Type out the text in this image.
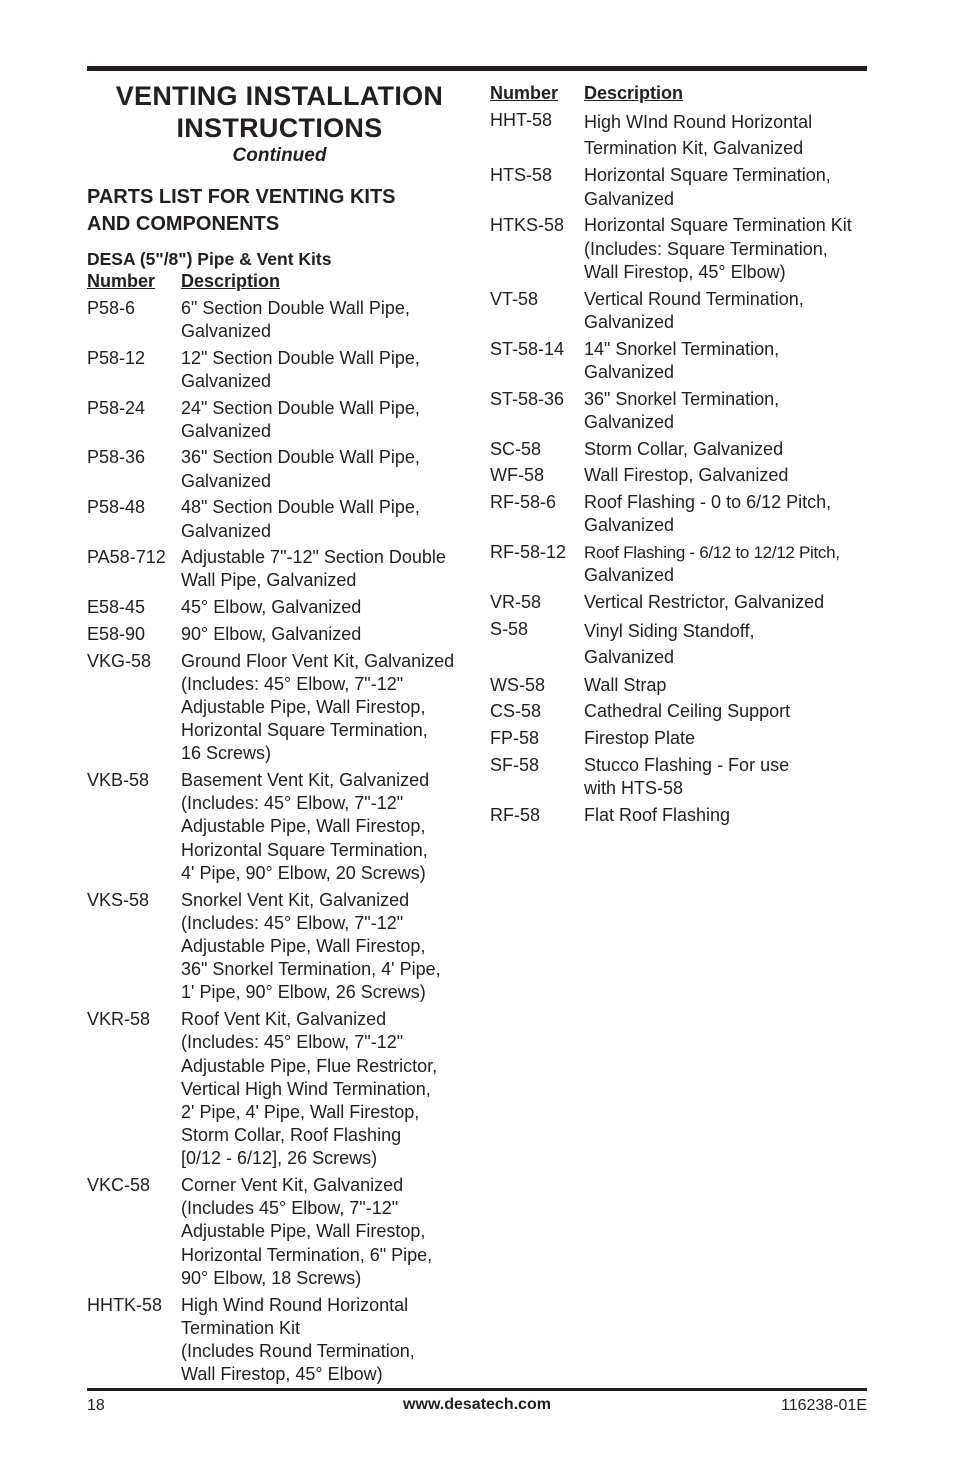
VENTING INSTALLATION
INSTRUCTIONS
Continued
PARTS LIST FOR VENTING KITS
AND COMPONENTS
DESA (5"/8") Pipe & Vent Kits
Number	Description
P58-6	6" Section Double Wall Pipe,
Galvanized
P58-12	12" Section Double Wall Pipe,
Galvanized
P58-24	24" Section Double Wall Pipe,
Galvanized
P58-36	36" Section Double Wall Pipe,
Galvanized
P58-48	48" Section Double Wall Pipe,
Galvanized
PA58-712 Adjustable 7"-12" Section Double
Wall Pipe, Galvanized
E58-45	45° Elbow, Galvanized
E58-90	90° Elbow, Galvanized
VKG-58	Ground Floor Vent Kit, Galvanized
(Includes: 45° Elbow, 7"-12"
Adjustable Pipe, Wall Firestop,
Horizontal Square Termination,
16 Screws)
VKB-58	Basement Vent Kit, Galvanized
(Includes: 45° Elbow, 7"-12"
Adjustable Pipe, Wall Firestop,
Horizontal Square Termination,
4' Pipe, 90° Elbow, 20 Screws)
VKS-58	Snorkel Vent Kit, Galvanized
(Includes: 45° Elbow, 7"-12"
Adjustable Pipe, Wall Firestop,
36" Snorkel Termination, 4' Pipe,
1' Pipe, 90° Elbow, 26 Screws)
VKR-58	Roof Vent Kit, Galvanized
(Includes: 45° Elbow, 7"-12"
Adjustable Pipe, Flue Restrictor,
Vertical High Wind Termination,
2' Pipe, 4' Pipe, Wall Firestop,
Storm Collar, Roof Flashing
[0/12 - 6/12], 26 Screws)
VKC-58	Corner Vent Kit, Galvanized
(Includes 45° Elbow, 7"-12"
Adjustable Pipe, Wall Firestop,
Horizontal Termination, 6" Pipe,
90° Elbow, 18 Screws)
HHTK-58	High Wind Round Horizontal
Termination Kit
(Includes Round Termination,
Wall Firestop, 45° Elbow)
Number	Description
HHT-58	High WInd Round Horizontal
Termination Kit, Galvanized
HTS-58	Horizontal Square Termination,
Galvanized
HTKS-58	Horizontal Square Termination Kit
(Includes: Square Termination,
Wall Firestop, 45° Elbow)
VT-58	Vertical Round Termination,
Galvanized
ST-58-14	14" Snorkel Termination,
Galvanized
ST-58-36	36" Snorkel Termination,
Galvanized
SC-58	Storm Collar, Galvanized
WF-58	Wall Firestop, Galvanized
RF-58-6	Roof Flashing - 0 to 6/12 Pitch,
Galvanized
RF-58-12	Roof Flashing - 6/12 to 12/12 Pitch,
Galvanized
VR-58	Vertical Restrictor, Galvanized
S-58	Vinyl Siding Standoff,
Galvanized
WS-58	Wall Strap
CS-58	Cathedral Ceiling Support
FP-58	Firestop Plate
SF-58	Stucco Flashing - For use
with HTS-58
RF-58	Flat Roof Flashing
18	www.desatech.com	116238-01E
